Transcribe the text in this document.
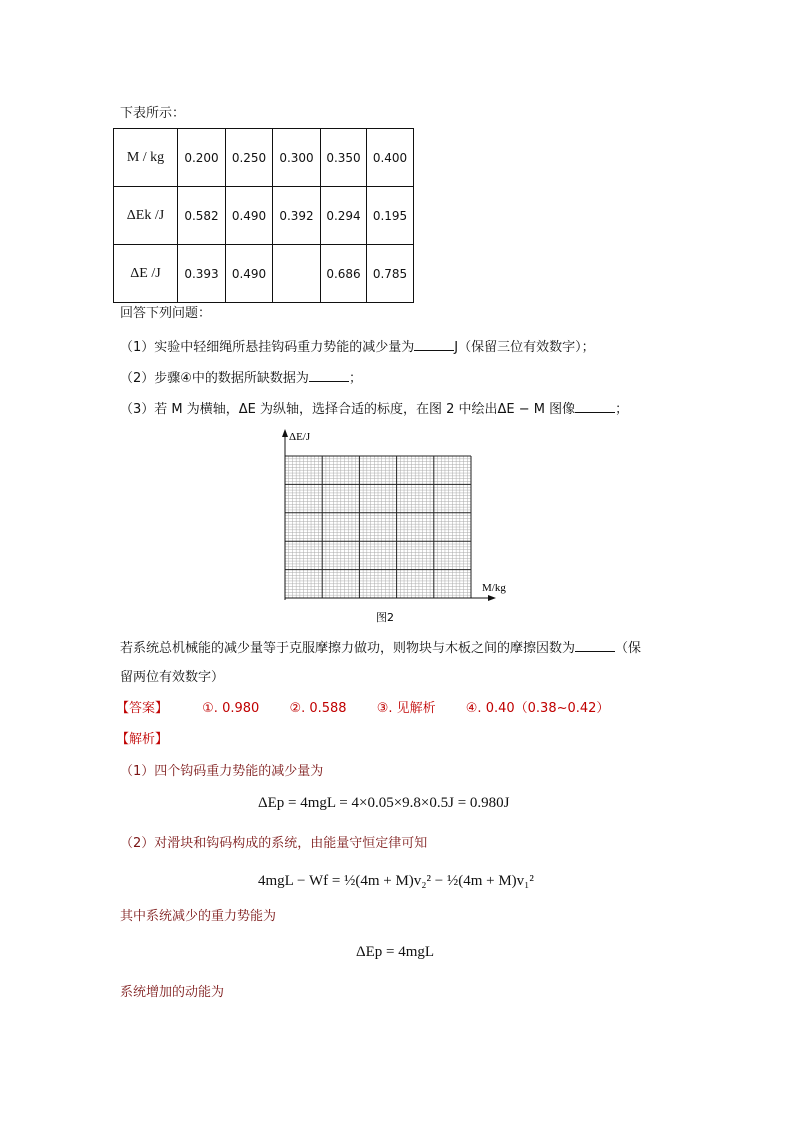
下表所示：
M / kg	0.200	0.250	0.300	0.350	0.400
ΔEk /J	0.582	0.490	0.392	0.294	0.195
ΔE /J	0.393	0.490		0.686	0.785
回答下列问题：
（1）实验中轻细绳所悬挂钩码重力势能的减少量为	J（保留三位有效数字）；
（2）步骤④中的数据所缺数据为	；
（3）若 M 为横轴，ΔE 为纵轴，选择合适的标度，在图 2 中绘出ΔE − M 图像	；
ΔE/J
M/kg
图2
若系统总机械能的减少量等于克服摩擦力做功，则物块与木板之间的摩擦因数为	（保
留两位有效数字）
【答案】	①. 0.980 ②. 0.588 ③. 见解析 ④. 0.40（0.38~0.42）
【解析】
（1）四个钩码重力势能的减少量为
ΔEp = 4mgL = 4×0.05×9.8×0.5J = 0.980J
（2）对滑块和钩码构成的系统，由能量守恒定律可知
4mgL − Wf = ½(4m + M)v₂² − ½(4m + M)v₁²
其中系统减少的重力势能为
ΔEp = 4mgL
系统增加的动能为
